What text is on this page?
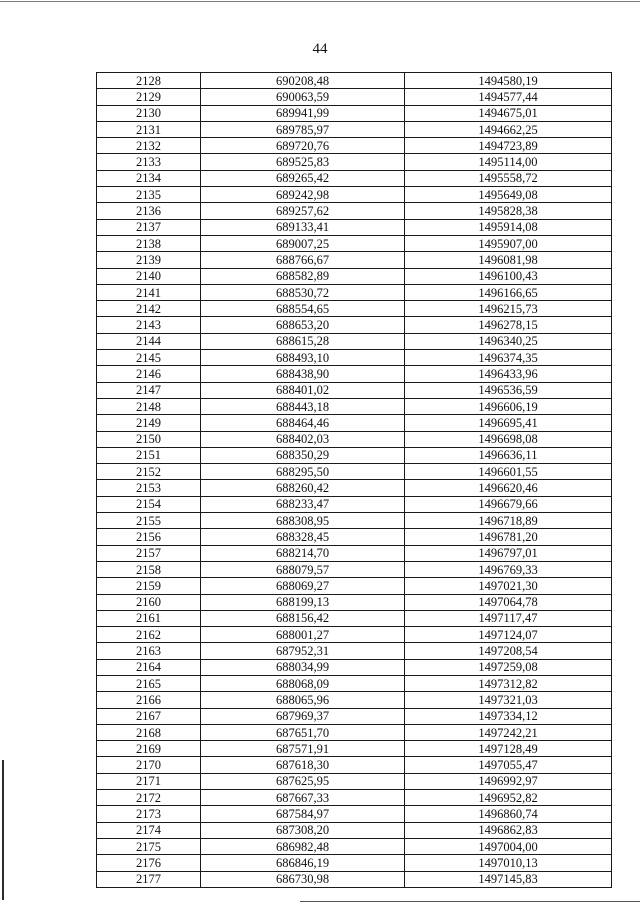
44
2128	690208,48	1494580,19
2129	690063,59	1494577,44
2130	689941,99	1494675,01
2131	689785,97	1494662,25
2132	689720,76	1494723,89
2133	689525,83	1495114,00
2134	689265,42	1495558,72
2135	689242,98	1495649,08
2136	689257,62	1495828,38
2137	689133,41	1495914,08
2138	689007,25	1495907,00
2139	688766,67	1496081,98
2140	688582,89	1496100,43
2141	688530,72	1496166,65
2142	688554,65	1496215,73
2143	688653,20	1496278,15
2144	688615,28	1496340,25
2145	688493,10	1496374,35
2146	688438,90	1496433,96
2147	688401,02	1496536,59
2148	688443,18	1496606,19
2149	688464,46	1496695,41
2150	688402,03	1496698,08
2151	688350,29	1496636,11
2152	688295,50	1496601,55
2153	688260,42	1496620,46
2154	688233,47	1496679,66
2155	688308,95	1496718,89
2156	688328,45	1496781,20
2157	688214,70	1496797,01
2158	688079,57	1496769,33
2159	688069,27	1497021,30
2160	688199,13	1497064,78
2161	688156,42	1497117,47
2162	688001,27	1497124,07
2163	687952,31	1497208,54
2164	688034,99	1497259,08
2165	688068,09	1497312,82
2166	688065,96	1497321,03
2167	687969,37	1497334,12
2168	687651,70	1497242,21
2169	687571,91	1497128,49
2170	687618,30	1497055,47
2171	687625,95	1496992,97
2172	687667,33	1496952,82
2173	687584,97	1496860,74
2174	687308,20	1496862,83
2175	686982,48	1497004,00
2176	686846,19	1497010,13
2177	686730,98	1497145,83
